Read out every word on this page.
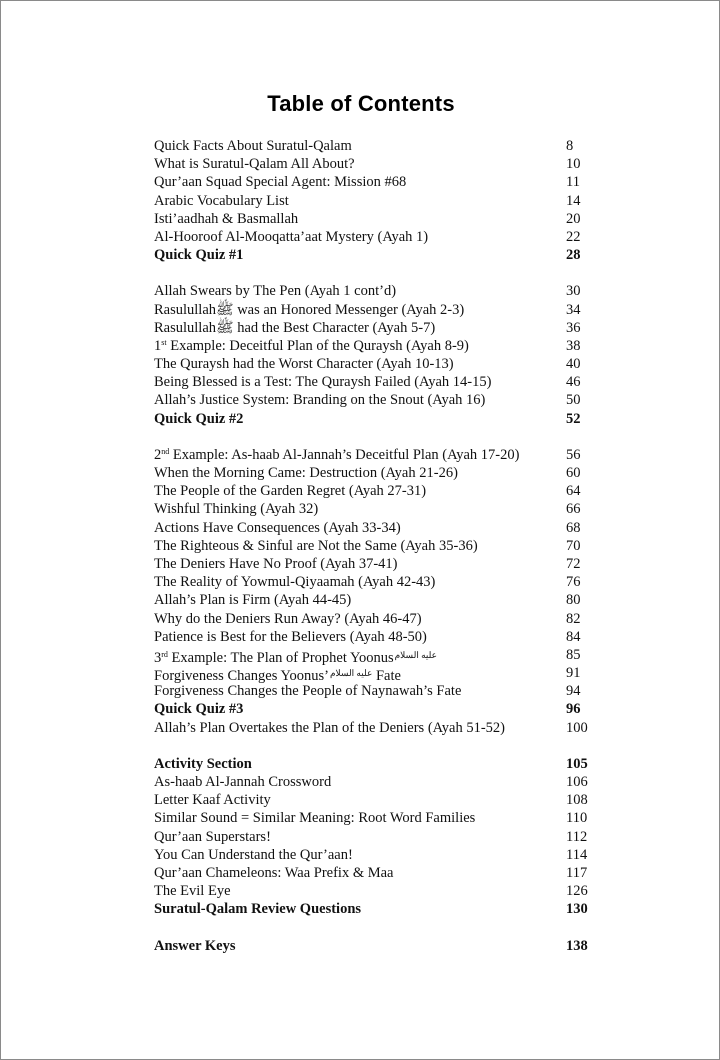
Table of Contents
Quick Facts About Suratul-Qalam	8
What is Suratul-Qalam All About?	10
Qur’aan Squad Special Agent: Mission #68	11
Arabic Vocabulary List	14
Isti’aadhah & Basmallah	20
Al-Hooroof Al-Mooqatta’aat Mystery (Ayah 1)	22
Quick Quiz #1	28
Allah Swears by The Pen (Ayah 1 cont’d)	30
Rasulullahﷺ was an Honored Messenger (Ayah 2-3)	34
Rasulullahﷺ had the Best Character (Ayah 5-7)	36
1st Example: Deceitful Plan of the Quraysh (Ayah 8-9)	38
The Quraysh had the Worst Character (Ayah 10-13)	40
Being Blessed is a Test: The Quraysh Failed (Ayah 14-15)	46
Allah’s Justice System: Branding on the Snout (Ayah 16)	50
Quick Quiz #2	52
2nd Example: As-haab Al-Jannah’s Deceitful Plan (Ayah 17-20)	56
When the Morning Came: Destruction (Ayah 21-26)	60
The People of the Garden Regret (Ayah 27-31)	64
Wishful Thinking (Ayah 32)	66
Actions Have Consequences (Ayah 33-34)	68
The Righteous & Sinful are Not the Same (Ayah 35-36)	70
The Deniers Have No Proof (Ayah 37-41)	72
The Reality of Yowmul-Qiyaamah (Ayah 42-43)	76
Allah’s Plan is Firm (Ayah 44-45)	80
Why do the Deniers Run Away? (Ayah 46-47)	82
Patience is Best for the Believers (Ayah 48-50)	84
3rd Example: The Plan of Prophet Yoonus$^{عليه السلام}$	85
Forgiveness Changes Yoonus’$^{عليه السلام}$ Fate	91
Forgiveness Changes the People of Naynawah’s Fate	94
Quick Quiz #3	96
Allah’s Plan Overtakes the Plan of the Deniers (Ayah 51-52)	100
Activity Section	105
As-haab Al-Jannah Crossword	106
Letter Kaaf Activity	108
Similar Sound = Similar Meaning: Root Word Families	110
Qur’aan Superstars!	112
You Can Understand the Qur’aan!	114
Qur’aan Chameleons: Waa Prefix & Maa	117
The Evil Eye	126
Suratul-Qalam Review Questions	130
Answer Keys	138
